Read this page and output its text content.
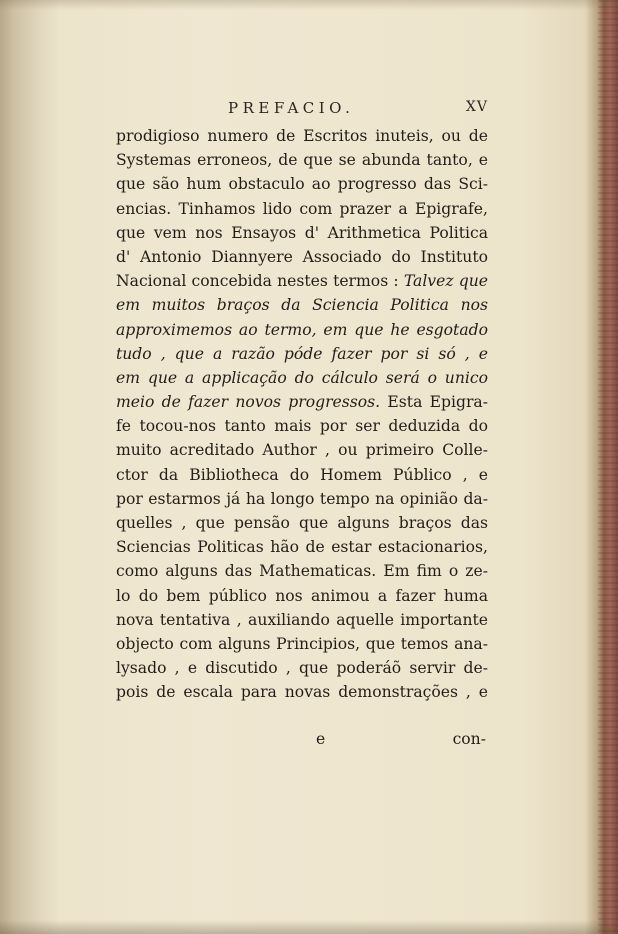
PREFACIO.	XV
prodigioso numero de Escritos inuteis, ou de
Systemas erroneos, de que se abunda tanto, e
que são hum obstaculo ao progresso das Sci-
encias. Tinhamos lido com prazer a Epigrafe,
que vem nos Ensayos d' Arithmetica Politica
d' Antonio Diannyere Associado do Instituto
Nacional concebida nestes termos : Talvez que
em muitos braços da Sciencia Politica nos
approximemos ao termo, em que he esgotado
tudo , que a razão póde fazer por si só , e
em que a applicação do cálculo será o unico
meio de fazer novos progressos. Esta Epigra-
fe tocou-nos tanto mais por ser deduzida do
muito acreditado Author , ou primeiro Colle-
ctor da Bibliotheca do Homem Público , e
por estarmos já ha longo tempo na opinião da-
quelles , que pensão que alguns braços das
Sciencias Politicas hão de estar estacionarios,
como alguns das Mathematicas. Em fim o ze-
lo do bem público nos animou a fazer huma
nova tentativa , auxiliando aquelle importante
objecto com alguns Principios, que temos ana-
lysado , e discutido , que poderáõ servir de-
pois de escala para novas demonstrações , e
e	con-
